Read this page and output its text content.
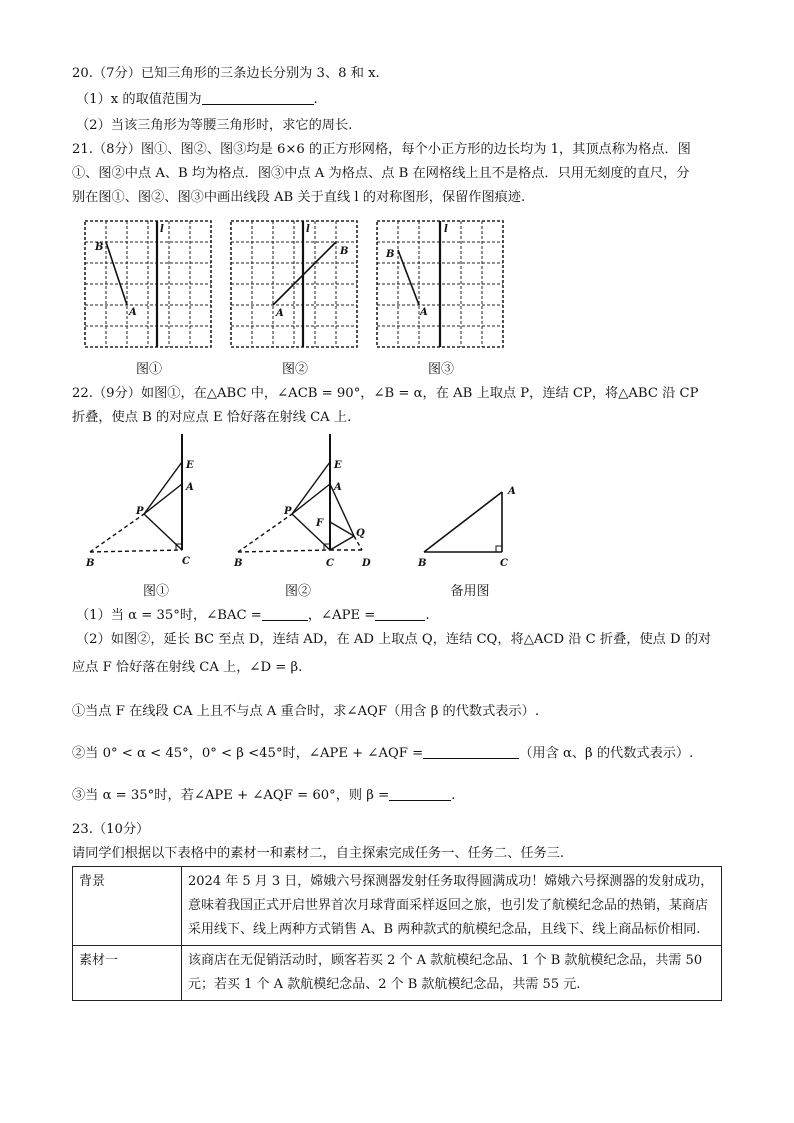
20.（7分）已知三角形的三条边长分别为 3、8 和 x.
（1）x 的取值范围为	.
（2）当该三角形为等腰三角形时，求它的周长.
21.（8分）图①、图②、图③均是 6×6 的正方形网格，每个小正方形的边长均为 1，其顶点称为格点．图
①、图②中点 A、B 均为格点．图③中点 A 为格点、点 B 在网格线上且不是格点．只用无刻度的直尺，分
别在图①、图②、图③中画出线段 AB 关于直线 l 的对称图形，保留作图痕迹.
B
A
l
图①
B
A
l
图②
B
A
l
图③
22.（9分）如图①，在△ABC 中，∠ACB = 90°，∠B = α，在 AB 上取点 P，连结 CP，将△ABC 沿 CP
折叠，使点 B 的对应点 E 恰好落在射线 CA 上.
E
A
P
B	C
图①
E
A
P
F
Q
B	C	D
图②
A
B	C
备用图
（1）当 α = 35°时，∠BAC =	，∠APE =	.
（2）如图②，延长 BC 至点 D，连结 AD，在 AD 上取点 Q，连结 CQ，将△ACD 沿 C 折叠，使点 D 的对
应点 F 恰好落在射线 CA 上，∠D = β.
①当点 F 在线段 CA 上且不与点 A 重合时，求∠AQF（用含 β 的代数式表示）.
②当 0° < α < 45°，0° < β <45°时，∠APE + ∠AQF =	（用含 α、β 的代数式表示）.
③当 α = 35°时，若∠APE + ∠AQF = 60°，则 β =	.
23.（10分）
请同学们根据以下表格中的素材一和素材二，自主探索完成任务一、任务二、任务三.
背景	2024 年 5 月 3 日，嫦娥六号探测器发射任务取得圆满成功！嫦娥六号探测器的发射成功，意味着我国正式开启世界首次月球背面采样返回之旅，也引发了航模纪念品的热销，某商店采用线下、线上两种方式销售 A、B 两种款式的航模纪念品，且线下、线上商品标价相同.
素材一	该商店在无促销活动时，顾客若买 2 个 A 款航模纪念品、1 个 B 款航模纪念品，共需 50 元；若买 1 个 A 款航模纪念品、2 个 B 款航模纪念品，共需 55 元.
